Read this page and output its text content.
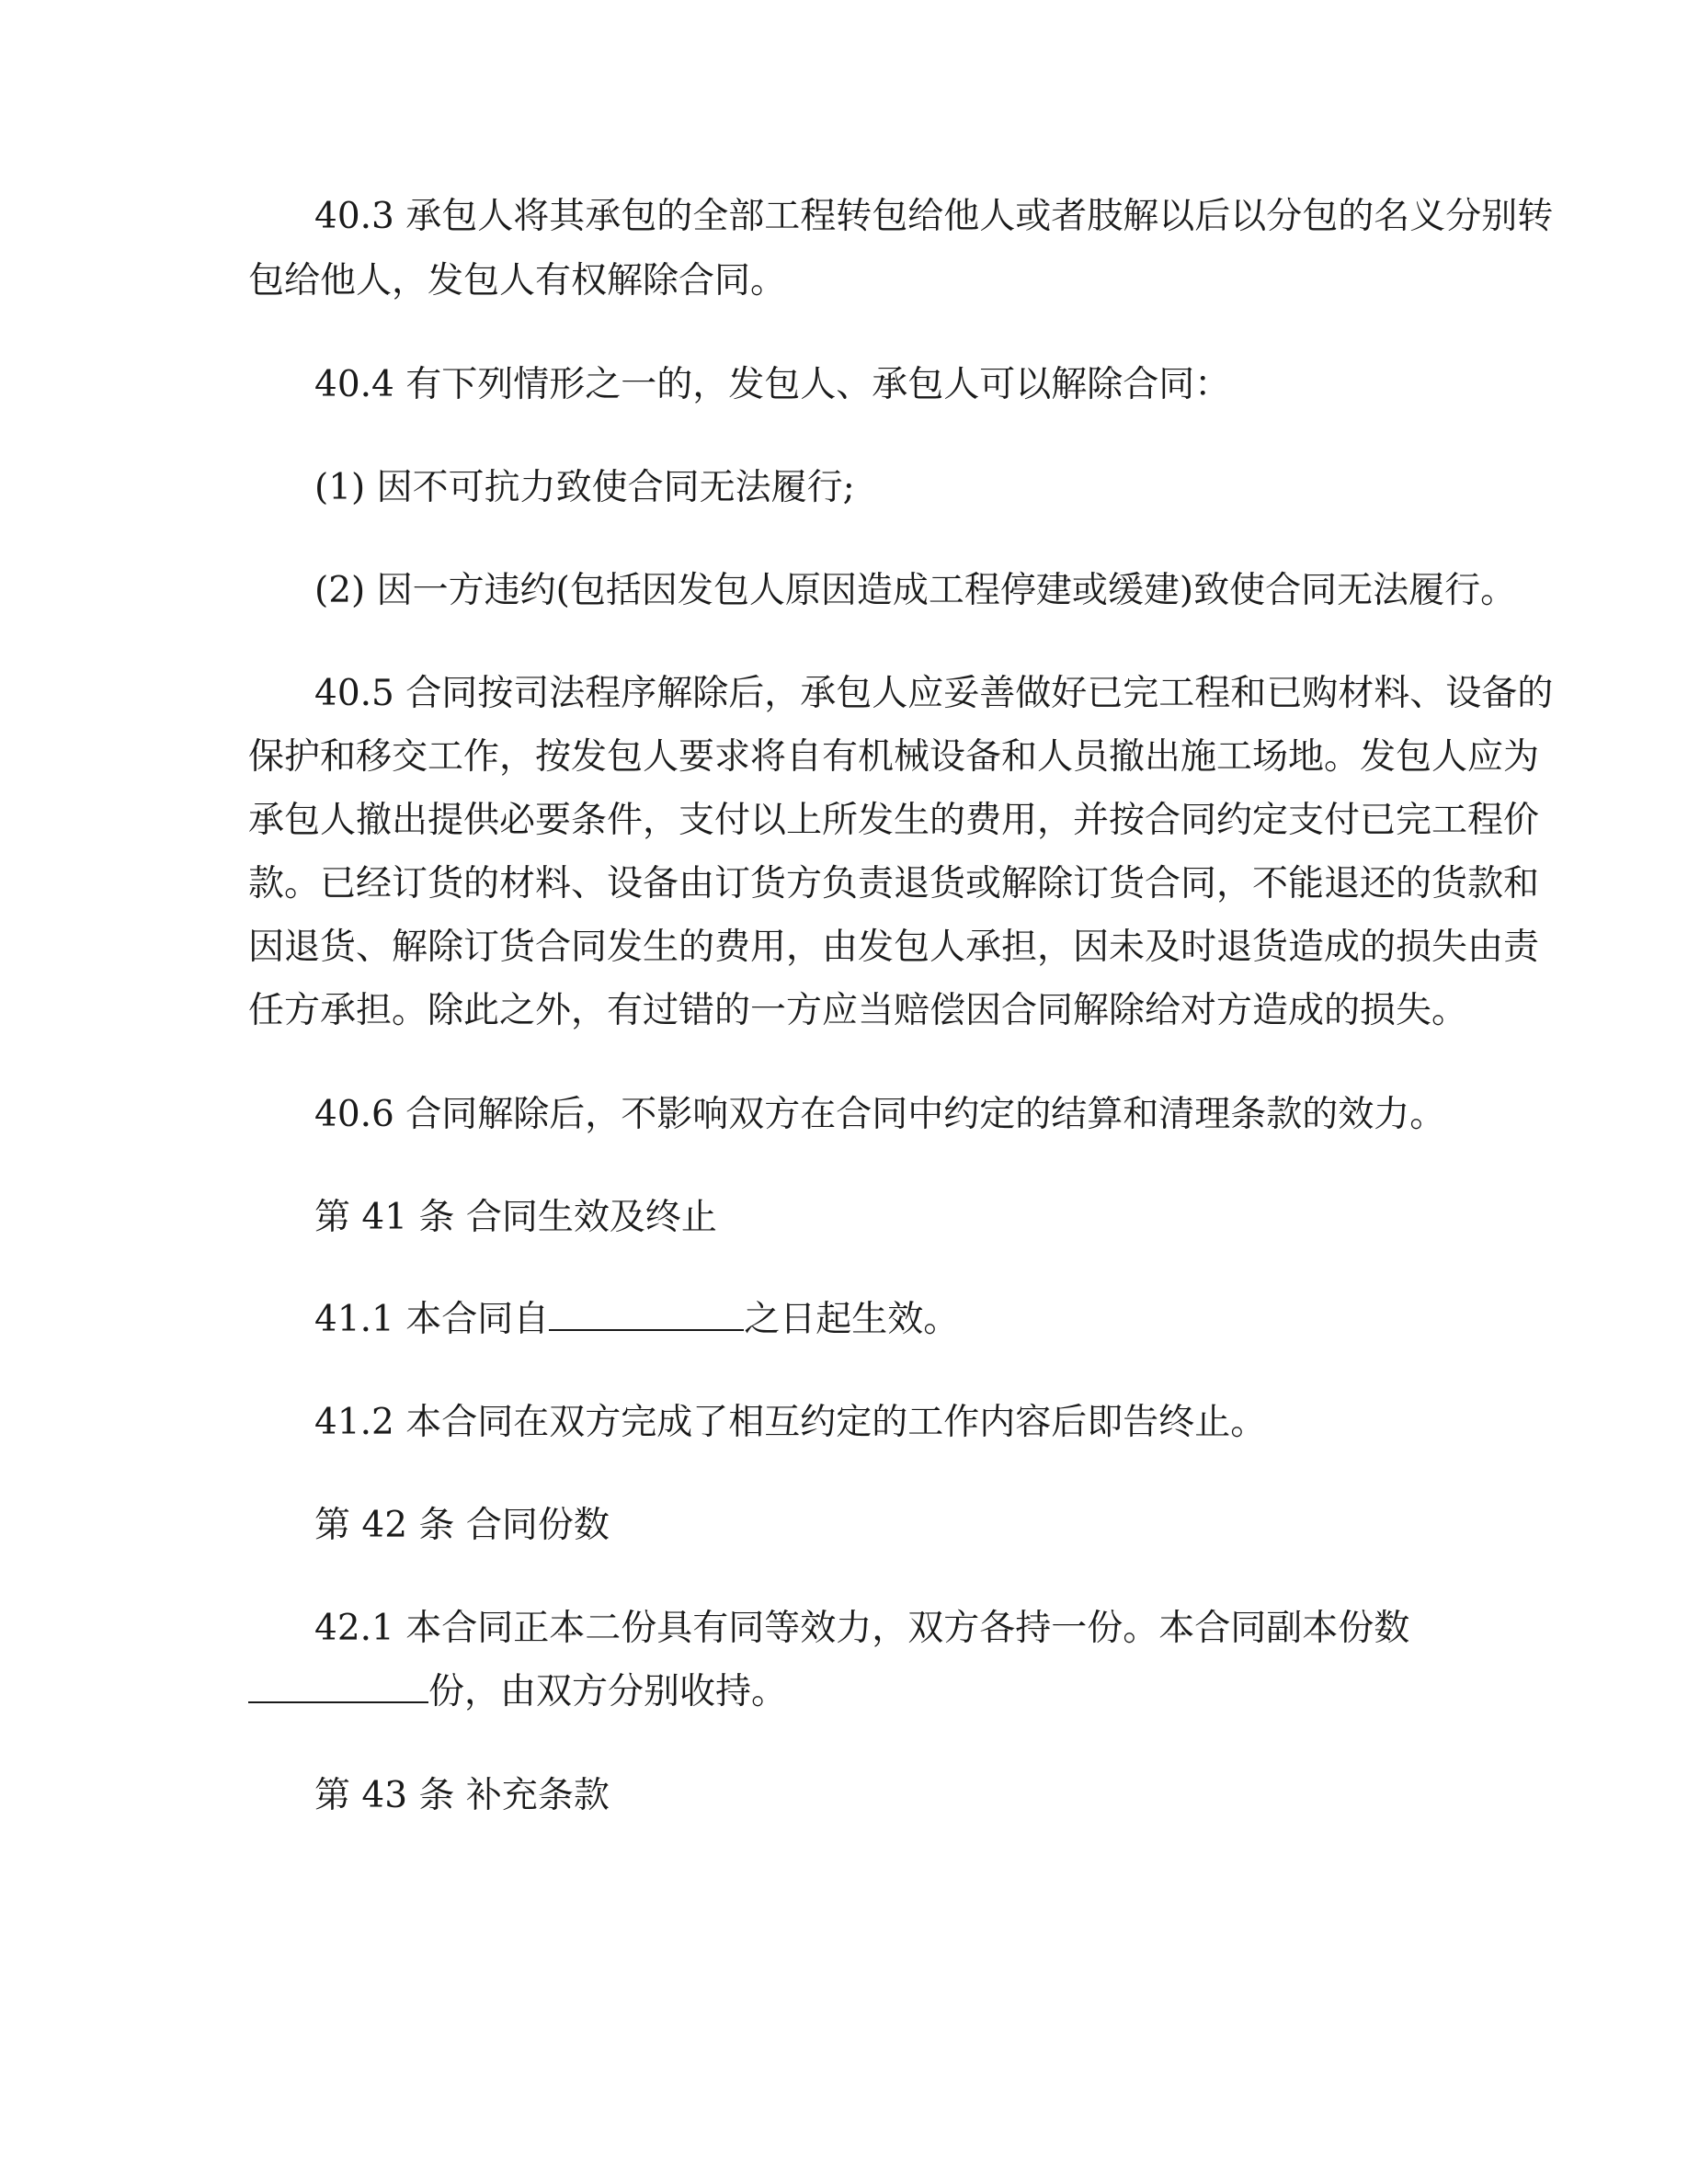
40.3 承包人将其承包的全部工程转包给他人或者肢解以后以分包的名义分别转
包给他人，发包人有权解除合同。
40.4 有下列情形之一的，发包人、承包人可以解除合同：
(1) 因不可抗力致使合同无法履行;
(2) 因一方违约(包括因发包人原因造成工程停建或缓建)致使合同无法履行。
40.5 合同按司法程序解除后，承包人应妥善做好已完工程和已购材料、设备的
保护和移交工作，按发包人要求将自有机械设备和人员撤出施工场地。发包人应为
承包人撤出提供必要条件，支付以上所发生的费用，并按合同约定支付已完工程价
款。已经订货的材料、设备由订货方负责退货或解除订货合同，不能退还的货款和
因退货、解除订货合同发生的费用，由发包人承担，因未及时退货造成的损失由责
任方承担。除此之外，有过错的一方应当赔偿因合同解除给对方造成的损失。
40.6 合同解除后，不影响双方在合同中约定的结算和清理条款的效力。
第 41 条 合同生效及终止
41.1 本合同自	之日起生效。
41.2 本合同在双方完成了相互约定的工作内容后即告终止。
第 42 条 合同份数
42.1 本合同正本二份具有同等效力，双方各持一份。本合同副本份数
份，由双方分别收持。
第 43 条 补充条款
